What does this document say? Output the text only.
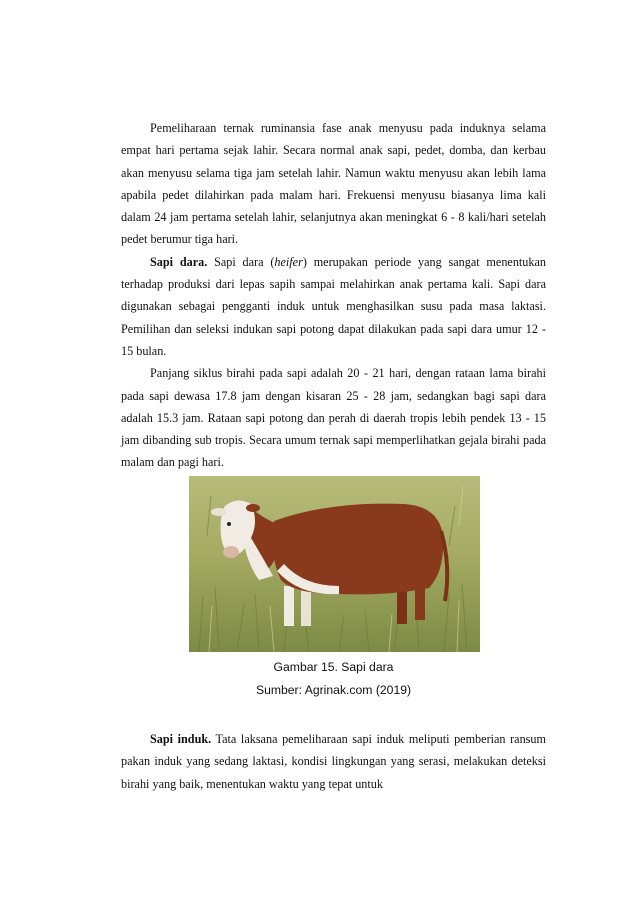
Pemeliharaan ternak ruminansia fase anak menyusu pada induknya selama empat hari pertama sejak lahir. Secara normal anak sapi, pedet, domba, dan kerbau akan menyusu selama tiga jam setelah lahir. Namun waktu menyusu akan lebih lama apabila pedet dilahirkan pada malam hari. Frekuensi menyusu biasanya lima kali dalam 24 jam pertama setelah lahir, selanjutnya akan meningkat 6 - 8 kali/hari setelah pedet berumur tiga hari.

Sapi dara. Sapi dara (heifer) merupakan periode yang sangat menentukan terhadap produksi dari lepas sapih sampai melahirkan anak pertama kali. Sapi dara digunakan sebagai pengganti induk untuk menghasilkan susu pada masa laktasi. Pemilihan dan seleksi indukan sapi potong dapat dilakukan pada sapi dara umur 12 - 15 bulan.

Panjang siklus birahi pada sapi adalah 20 - 21 hari, dengan rataan lama birahi pada sapi dewasa 17.8 jam dengan kisaran 25 - 28 jam, sedangkan bagi sapi dara adalah 15.3 jam. Rataan sapi potong dan perah di daerah tropis lebih pendek 13 - 15 jam dibanding sub tropis. Secara umum ternak sapi memperlihatkan gejala birahi pada malam dan pagi hari.

Gambar 15. Sapi dara
Sumber: Agrinak.com (2019)

Sapi induk. Tata laksana pemeliharaan sapi induk meliputi pemberian ransum pakan induk yang sedang laktasi, kondisi lingkungan yang serasi, melakukan deteksi birahi yang baik, menentukan waktu yang tepat untuk
